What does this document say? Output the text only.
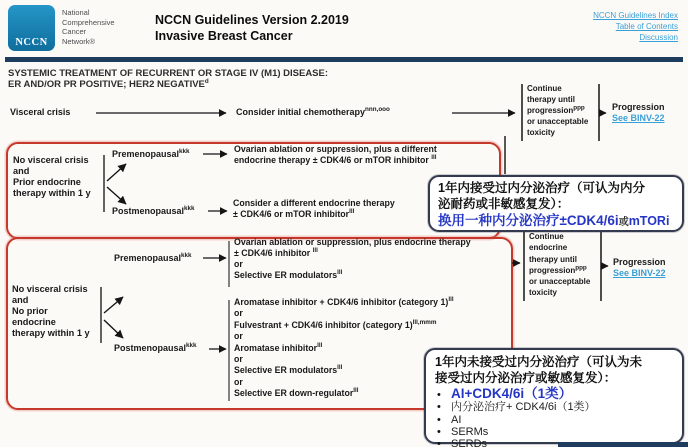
NCCN
National
Comprehensive
Cancer
Network®
NCCN Guidelines Version 2.2019
Invasive Breast Cancer
NCCN Guidelines Index
Table of Contents
Discussion
SYSTEMIC TREATMENT OF RECURRENT OR STAGE IV (M1) DISEASE:
ER AND/OR PR POSITIVE; HER2 NEGATIVE$^d$
Visceral crisis	Consider initial chemotherapy$^{nnn,ooo}$
Continue
therapy until
progression$^{ppp}$
or unacceptable
toxicity
Progression
See BINV-22
No visceral crisis
and
Prior endocrine
therapy within 1 y
Premenopausal$^{kkk}$	Ovarian ablation or suppression, plus a different
endocrine therapy ± CDK4/6 or mTOR inhibitor $^{lll}$
Postmenopausal$^{kkk}$
Consider a different endocrine therapy
± CDK4/6 or mTOR inhibitor$^{lll}$
1年内接受过内分泌治疗（可认为内分
泌耐药或非敏感复发）：
换用一种内分泌治疗±CDK4/6i或mTORi
Premenopausal$^{kkk}$
Ovarian ablation or suppression, plus endocrine therapy
± CDK4/6 inhibitor $^{lll}$
or
Selective ER modulators$^{lll}$
No visceral crisis
and
No prior
endocrine
therapy within 1 y
Postmenopausal$^{kkk}$
Aromatase inhibitor + CDK4/6 inhibitor (category 1)$^{lll}$
or
Fulvestrant + CDK4/6 inhibitor (category 1)$^{lll,mmm}$
or
Aromatase inhibitor$^{lll}$
or
Selective ER modulators$^{lll}$
or
Selective ER down-regulator$^{lll}$
Continue
endocrine
therapy until
progression$^{ppp}$
or unacceptable
toxicity
Progression
See BINV-22
1年内未接受过内分泌治疗（可认为未
接受过内分泌治疗或敏感复发）：
• AI+CDK4/6i（1类）
• 内分泌治疗+ CDK4/6i（1类）
• AI
• SERMs
• SERDs
